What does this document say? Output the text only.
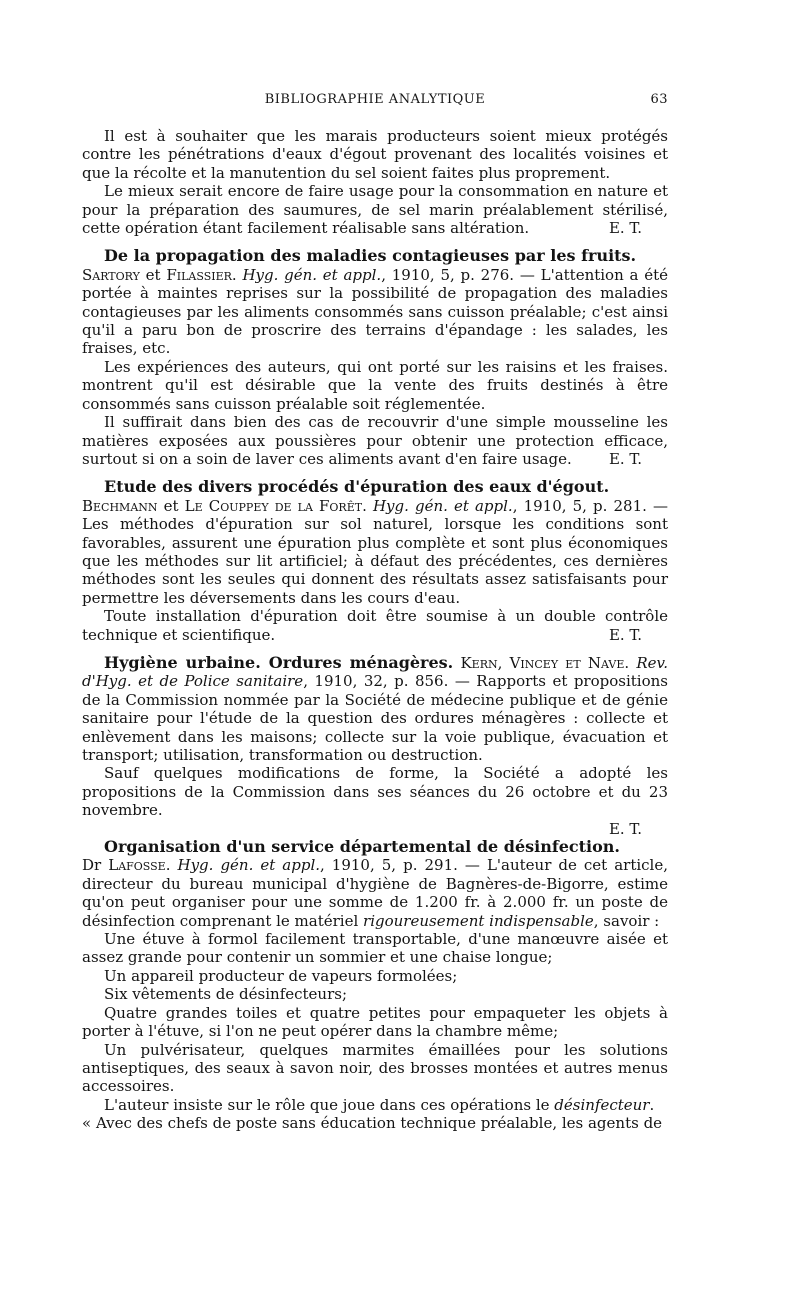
BIBLIOGRAPHIE ANALYTIQUE	63

Il est à souhaiter que les marais producteurs soient mieux protégés contre les pénétrations d'eaux d'égout provenant des localités voisines et que la récolte et la manutention du sel soient faites plus proprement.

Le mieux serait encore de faire usage pour la consommation en nature et pour la préparation des saumures, de sel marin préalablement stérilisé, cette opération étant facilement réalisable sans altération.	E. T.

De la propagation des maladies contagieuses par les fruits.

Sartory et Filassier. Hyg. gén. et appl., 1910, 5, p. 276. — L'attention a été portée à maintes reprises sur la possibilité de propagation des maladies contagieuses par les aliments consommés sans cuisson préalable; c'est ainsi qu'il a paru bon de proscrire des terrains d'épandage : les salades, les fraises, etc.

Les expériences des auteurs, qui ont porté sur les raisins et les fraises. montrent qu'il est désirable que la vente des fruits destinés à être consommés sans cuisson préalable soit réglementée.

Il suffirait dans bien des cas de recouvrir d'une simple mousseline les matières exposées aux poussières pour obtenir une protection efficace, surtout si on a soin de laver ces aliments avant d'en faire usage. E. T.

Etude des divers procédés d'épuration des eaux d'égout.

Bechmann et Le Couppey de la Forêt. Hyg. gén. et appl., 1910, 5, p. 281. — Les méthodes d'épuration sur sol naturel, lorsque les conditions sont favorables, assurent une épuration plus complète et sont plus économiques que les méthodes sur lit artificiel; à défaut des précédentes, ces dernières méthodes sont les seules qui donnent des résultats assez satisfaisants pour permettre les déversements dans les cours d'eau.

Toute installation d'épuration doit être soumise à un double contrôle technique et scientifique.	E. T.

Hygiène urbaine. Ordures ménagères. Kern, Vincey et Nave. Rev. d'Hyg. et de Police sanitaire, 1910, 32, p. 856. — Rapports et propositions de la Commission nommée par la Société de médecine publique et de génie sanitaire pour l'étude de la question des ordures ménagères : collecte et enlèvement dans les maisons; collecte sur la voie publique, évacuation et transport; utilisation, transformation ou destruction.

Sauf quelques modifications de forme, la Société a adopté les propositions de la Commission dans ses séances du 26 octobre et du 23 novembre.

E. T.

Organisation d'un service départemental de désinfection.

Dr Lafosse. Hyg. gén. et appl., 1910, 5, p. 291. — L'auteur de cet article, directeur du bureau municipal d'hygiène de Bagnères-de-Bigorre, estime qu'on peut organiser pour une somme de 1.200 fr. à 2.000 fr. un poste de désinfection comprenant le matériel rigoureusement indispensable, savoir :

Une étuve à formol facilement transportable, d'une manœuvre aisée et assez grande pour contenir un sommier et une chaise longue;

Un appareil producteur de vapeurs formolées;

Six vêtements de désinfecteurs;

Quatre grandes toiles et quatre petites pour empaqueter les objets à porter à l'étuve, si l'on ne peut opérer dans la chambre même;

Un pulvérisateur, quelques marmites émaillées pour les solutions antiseptiques, des seaux à savon noir, des brosses montées et autres menus accessoires.

L'auteur insiste sur le rôle que joue dans ces opérations le désinfecteur.

« Avec des chefs de poste sans éducation technique préalable, les agents de
